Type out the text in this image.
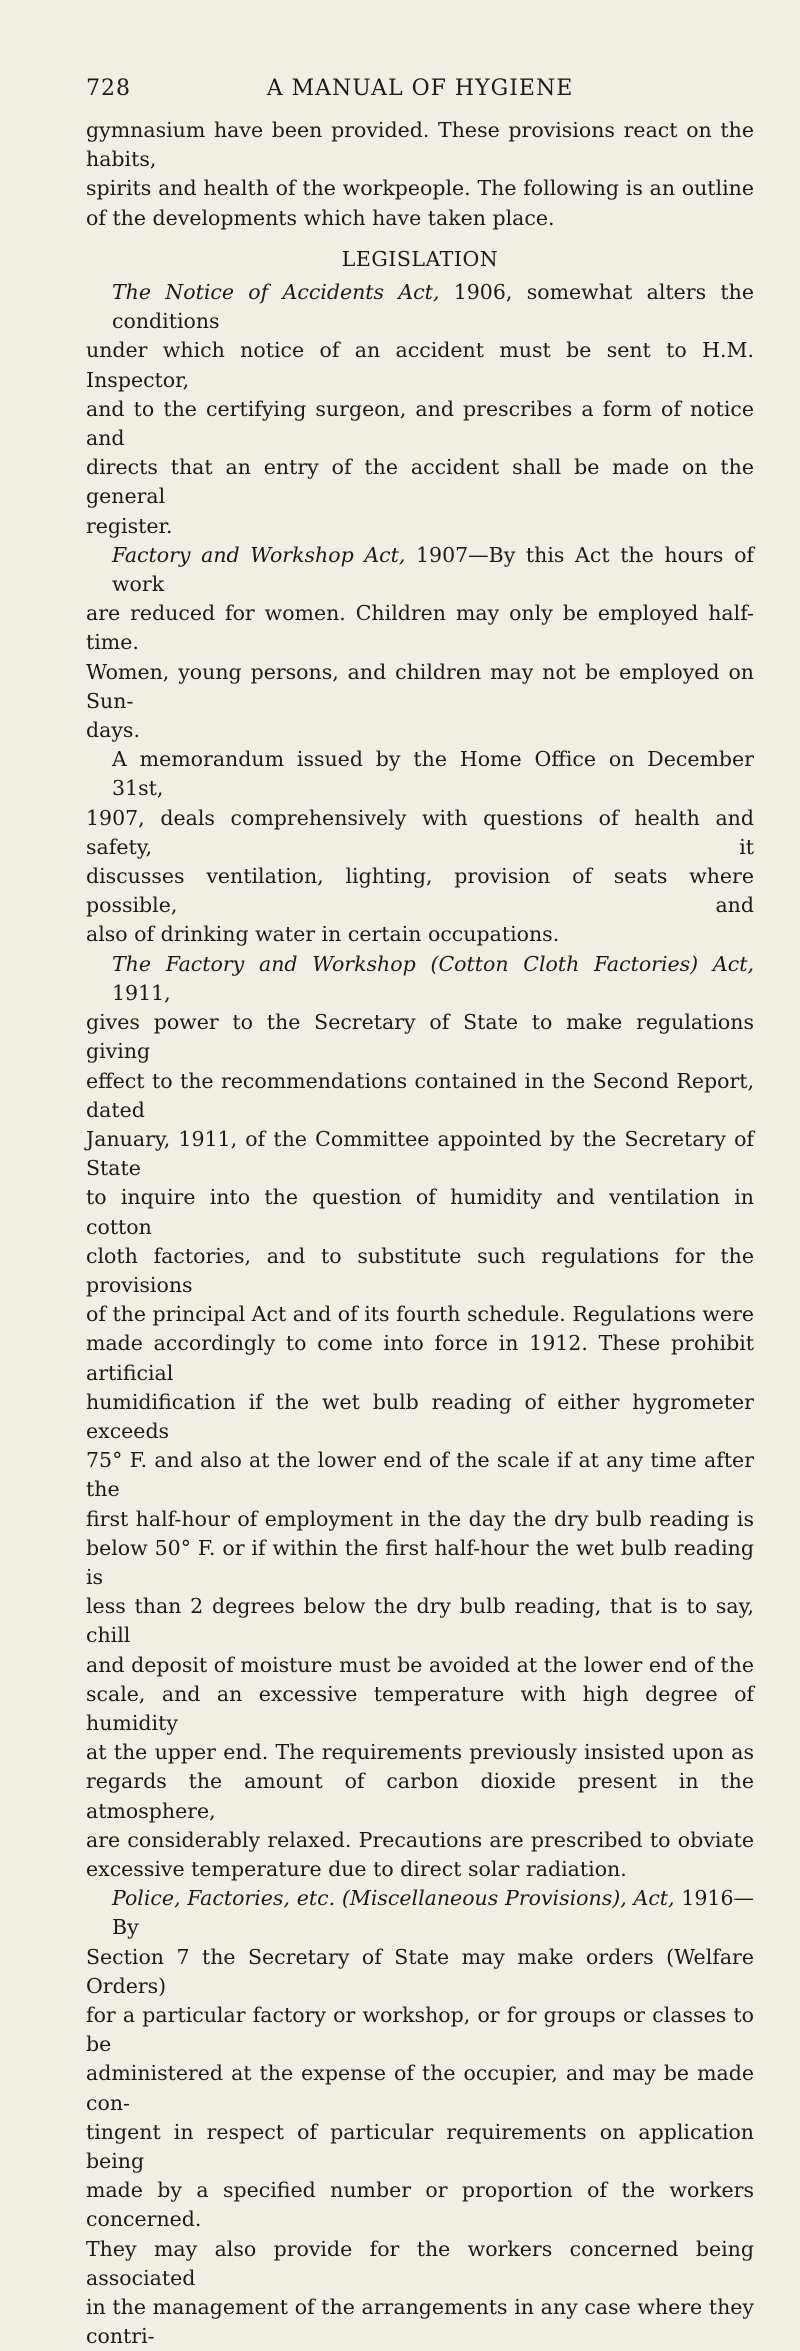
728	A MANUAL OF HYGIENE

gymnasium have been provided. These provisions react on the habits,
spirits and health of the workpeople. The following is an outline
of the developments which have taken place.

LEGISLATION

The Notice of Accidents Act, 1906, somewhat alters the conditions
under which notice of an accident must be sent to H.M. Inspector,
and to the certifying surgeon, and prescribes a form of notice and
directs that an entry of the accident shall be made on the general
register.

Factory and Workshop Act, 1907—By this Act the hours of work
are reduced for women. Children may only be employed half-time.
Women, young persons, and children may not be employed on Sun-
days.

A memorandum issued by the Home Office on December 31st,
1907, deals comprehensively with questions of health and safety, it
discusses ventilation, lighting, provision of seats where possible, and
also of drinking water in certain occupations.

The Factory and Workshop (Cotton Cloth Factories) Act, 1911,
gives power to the Secretary of State to make regulations giving
effect to the recommendations contained in the Second Report, dated
January, 1911, of the Committee appointed by the Secretary of State
to inquire into the question of humidity and ventilation in cotton
cloth factories, and to substitute such regulations for the provisions
of the principal Act and of its fourth schedule. Regulations were
made accordingly to come into force in 1912. These prohibit artificial
humidification if the wet bulb reading of either hygrometer exceeds
75° F. and also at the lower end of the scale if at any time after the
first half-hour of employment in the day the dry bulb reading is
below 50° F. or if within the first half-hour the wet bulb reading is
less than 2 degrees below the dry bulb reading, that is to say, chill
and deposit of moisture must be avoided at the lower end of the
scale, and an excessive temperature with high degree of humidity
at the upper end. The requirements previously insisted upon as
regards the amount of carbon dioxide present in the atmosphere,
are considerably relaxed. Precautions are prescribed to obviate
excessive temperature due to direct solar radiation.

Police, Factories, etc. (Miscellaneous Provisions), Act, 1916—By
Section 7 the Secretary of State may make orders (Welfare Orders)
for a particular factory or workshop, or for groups or classes to be
administered at the expense of the occupier, and may be made con-
tingent in respect of particular requirements on application being
made by a specified number or proportion of the workers concerned.
They may also provide for the workers concerned being associated
in the management of the arrangements in any case where they contri-
